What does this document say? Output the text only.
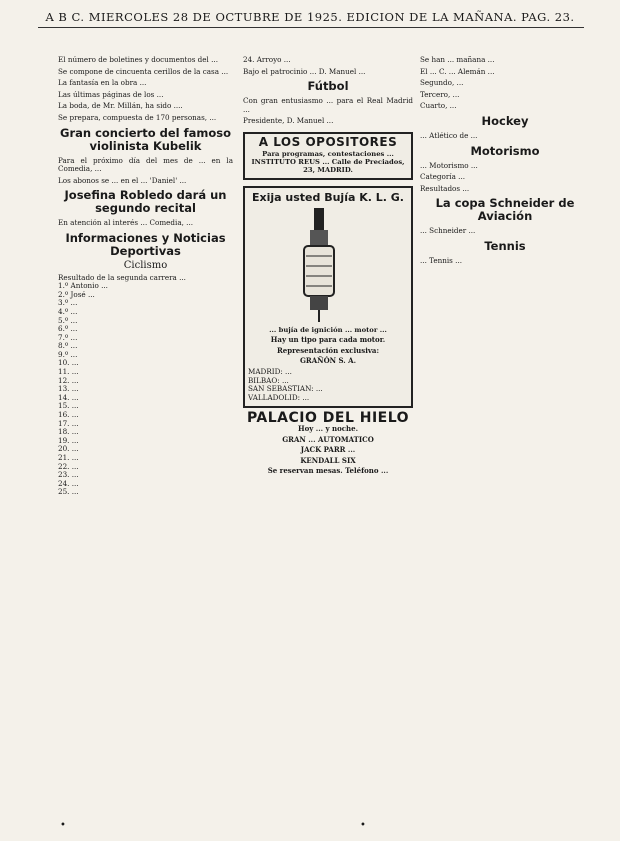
A B C. MIERCOLES 28 DE OCTUBRE DE 1925. EDICION DE LA MAÑANA. PAG. 23.

El número de boletines y documentos del ...

Se compone de cincuenta cerillos de la casa ...

La fantasía en la obra ...

Las últimas páginas de los ...

La boda, de Mr. Millán, ha sido ....

Se prepara, compuesta de 170 personas, ...

Gran concierto del famoso violinista Kubelik

Para el próximo día del mes de ... en la Comedia, ...

Los abonos se ... en el ... 'Daniel' ...

Josefina Robledo dará un segundo recital

En atención al interés ... Comedia, ...

Informaciones y Noticias Deportivas
Ciclismo

Resultado de la segunda carrera ...

1.º Antonio ...

2.º José ...

3.º ...

4.º ...

5.º ...

6.º ...

7.º ...

8.º ...

9.º ...

10. ...

11. ...

12. ...

13. ...

14. ...

15. ...

16. ...

17. ...

18. ...

19. ...

20. ...

21. ...

22. ...

23. ...

24. ...

25. ...

24. Arroyo ...

Bajo el patrocinio ... D. Manuel ...

Fútbol

Con gran entusiasmo ... para el Real Madrid ...

Presidente, D. Manuel ...

A LOS OPOSITORES
Para programas, contestaciones ... INSTITUTO REUS ... Calle de Preciados, 23, MADRID.
Exija usted Bujía K. L. G.
... bujía de ignición ... motor ...
Hay un tipo para cada motor.
Representación exclusiva:
GRAÑÓN S. A.

MADRID: ...

BILBAO: ...

SAN SEBASTIÁN: ...

VALLADOLID: ...

PALACIO DEL HIELO

Hoy ... y noche.

GRAN ... AUTOMATICO

JACK PARR ...

KENDALL SIX

Se reservan mesas. Teléfono ...

Se han ... mañana ...

El ... C. ... Alemán ...

Segundo, ...

Tercero, ...

Cuarto, ...

Hockey

... Atlético de ...

Motorismo

... Motorismo ...

Categoría ...

Resultados ...

La copa Schneider de Aviación

... Schneider ...

Tennis

... Tennis ...

•	•
